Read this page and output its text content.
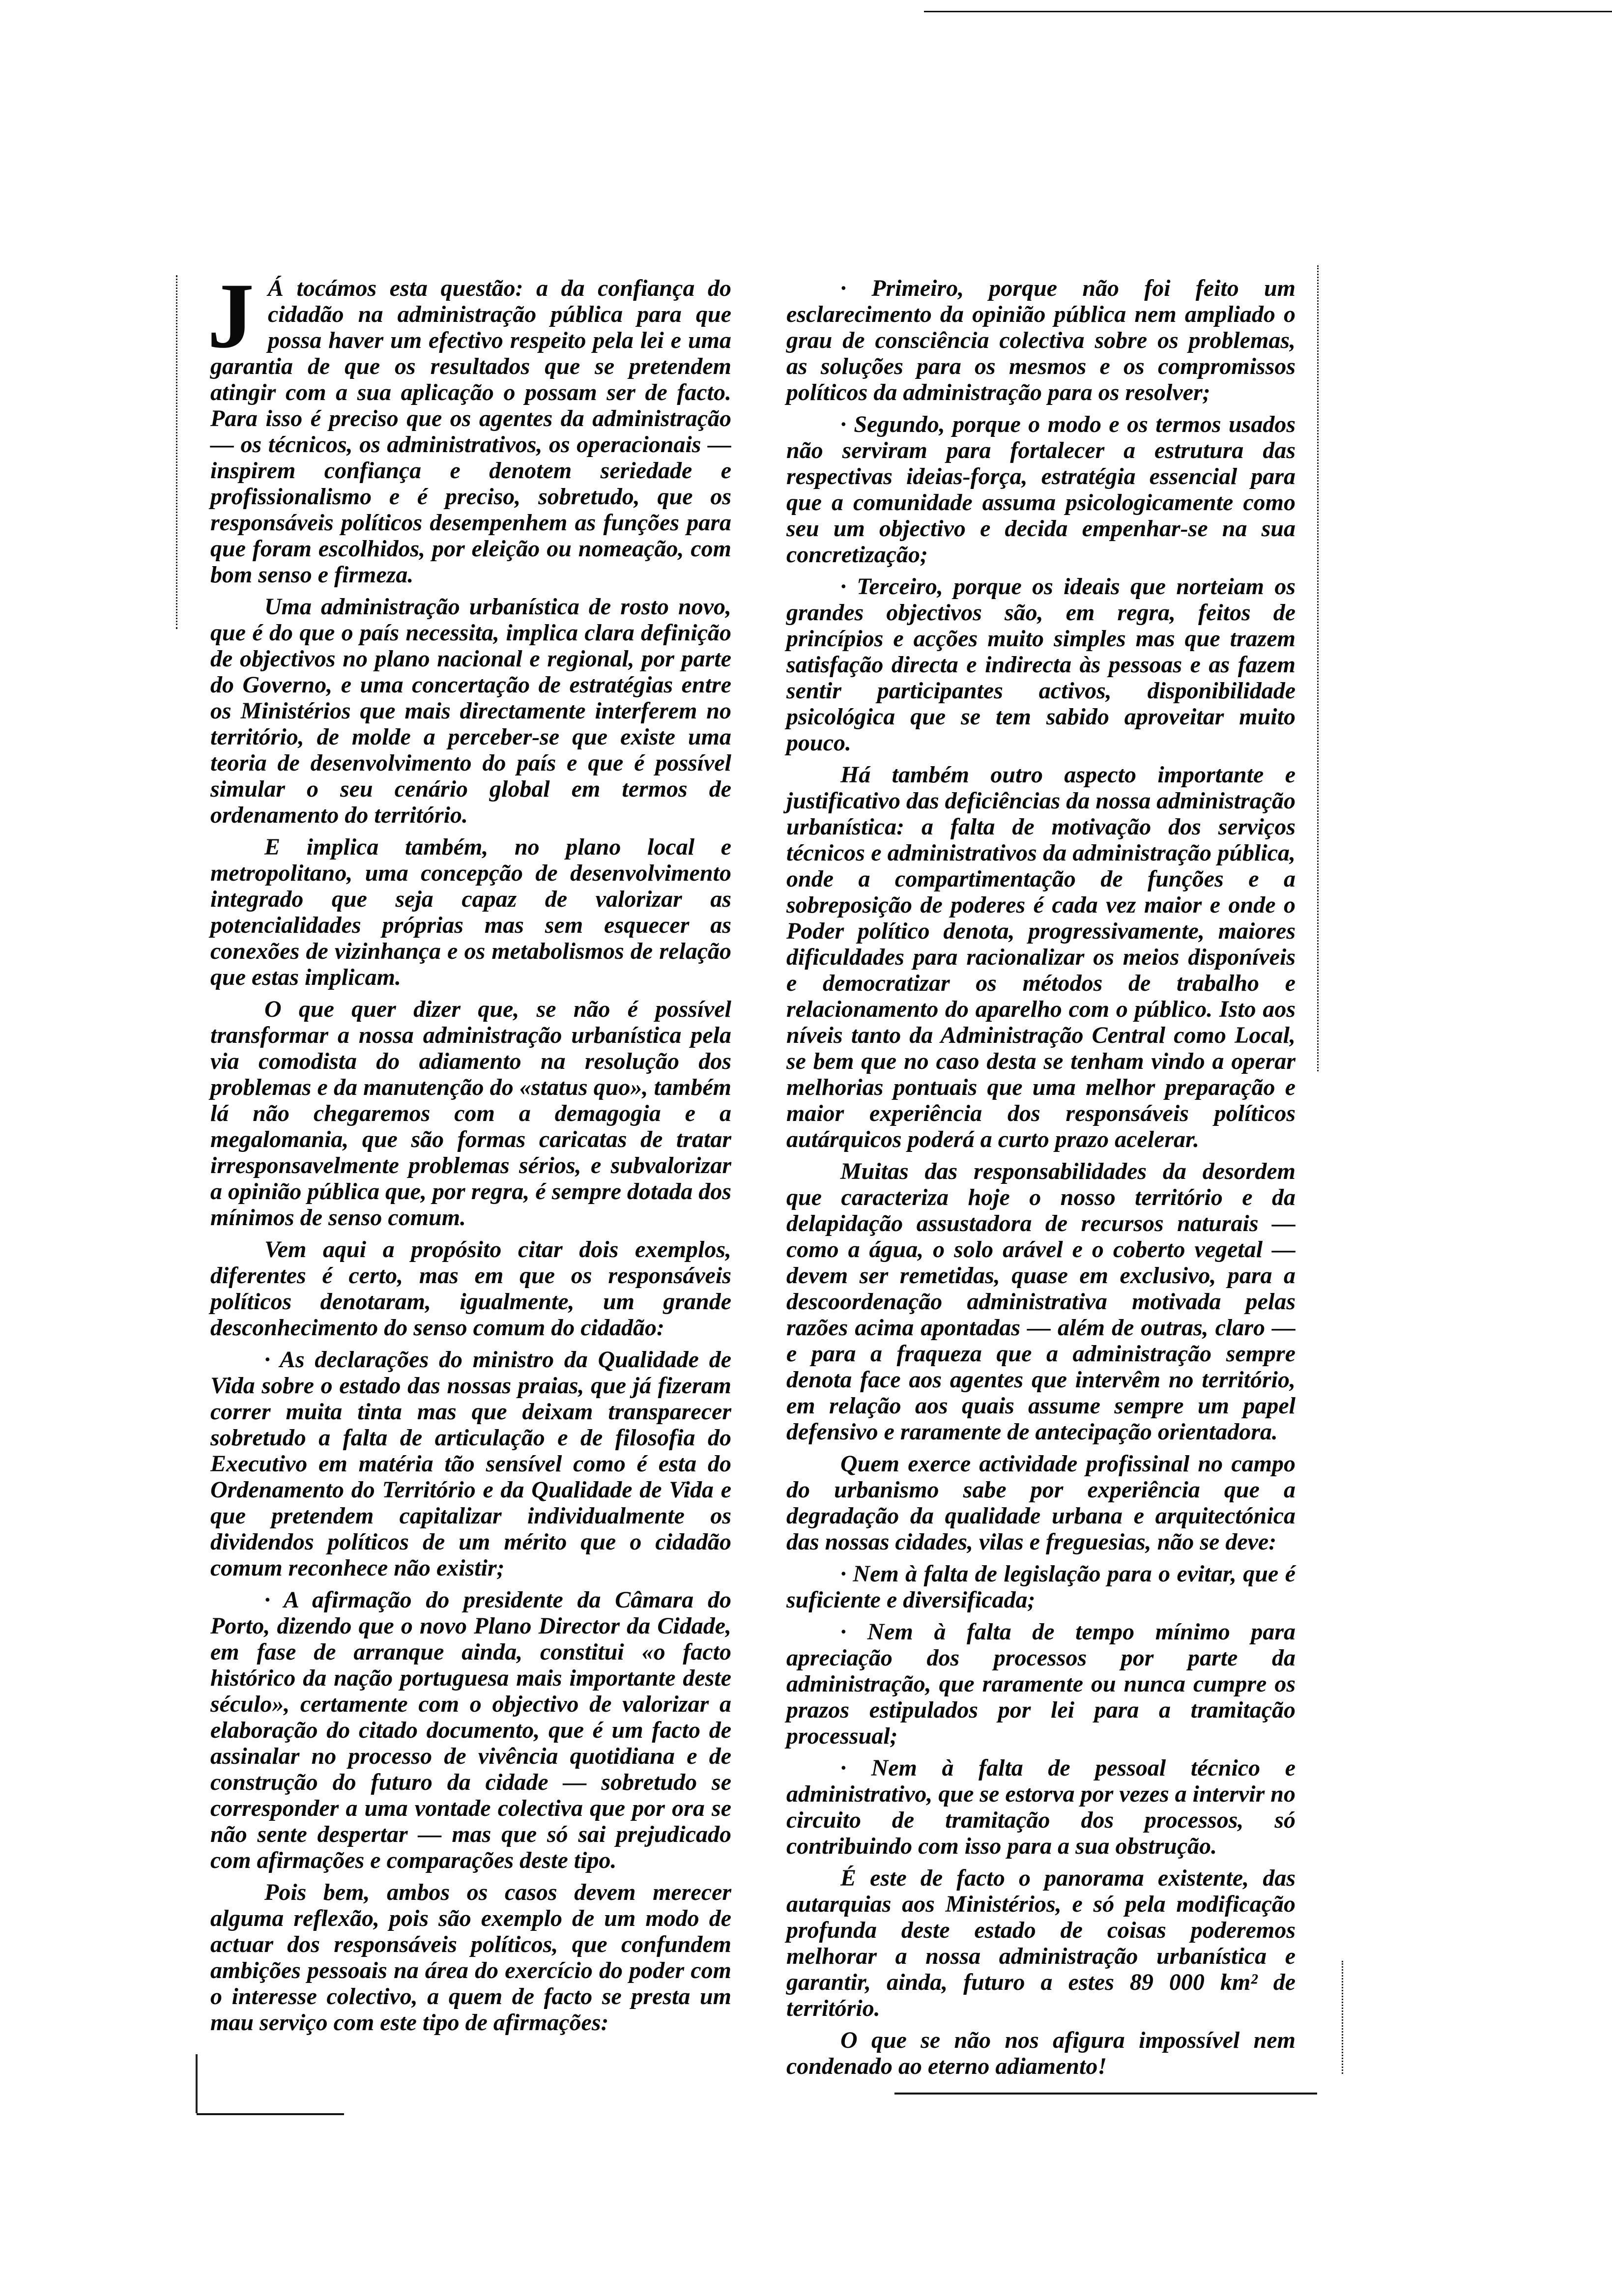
J Á tocámos esta questão: a da confiança do cidadão na administração pública para que possa haver um efectivo respeito pela lei e uma garantia de que os resultados que se pretendem atingir com a sua aplicação o possam ser de facto. Para isso é preciso que os agentes da administração — os técnicos, os administrativos, os operacionais — inspirem confiança e denotem seriedade e profissionalismo e é preciso, sobretudo, que os responsáveis políticos desempenhem as funções para que foram escolhidos, por eleição ou nomeação, com bom senso e firmeza.

Uma administração urbanística de rosto novo, que é do que o país necessita, implica clara definição de objectivos no plano nacional e regional, por parte do Governo, e uma concertação de estratégias entre os Ministérios que mais directamente interferem no território, de molde a perceber-se que existe uma teoria de desenvolvimento do país e que é possível simular o seu cenário global em termos de ordenamento do território.

E implica também, no plano local e metropolitano, uma concepção de desenvolvimento integrado que seja capaz de valorizar as potencialidades próprias mas sem esquecer as conexões de vizinhança e os metabolismos de relação que estas implicam.

O que quer dizer que, se não é possível transformar a nossa administração urbanística pela via comodista do adiamento na resolução dos problemas e da manutenção do «status quo», também lá não chegaremos com a demagogia e a megalomania, que são formas caricatas de tratar irresponsavelmente problemas sérios, e subvalorizar a opinião pública que, por regra, é sempre dotada dos mínimos de senso comum.

Vem aqui a propósito citar dois exemplos, diferentes é certo, mas em que os responsáveis políticos denotaram, igualmente, um grande desconhecimento do senso comum do cidadão:

· As declarações do ministro da Qualidade de Vida sobre o estado das nossas praias, que já fizeram correr muita tinta mas que deixam transparecer sobretudo a falta de articulação e de filosofia do Executivo em matéria tão sensível como é esta do Ordenamento do Território e da Qualidade de Vida e que pretendem capitalizar individualmente os dividendos políticos de um mérito que o cidadão comum reconhece não existir;

· A afirmação do presidente da Câmara do Porto, dizendo que o novo Plano Director da Cidade, em fase de arranque ainda, constitui «o facto histórico da nação portuguesa mais importante deste século», certamente com o objectivo de valorizar a elaboração do citado documento, que é um facto de assinalar no processo de vivência quotidiana e de construção do futuro da cidade — sobretudo se corresponder a uma vontade colectiva que por ora se não sente despertar — mas que só sai prejudicado com afirmações e comparações deste tipo.

Pois bem, ambos os casos devem merecer alguma reflexão, pois são exemplo de um modo de actuar dos responsáveis políticos, que confundem ambições pessoais na área do exercício do poder com o interesse colectivo, a quem de facto se presta um mau serviço com este tipo de afirmações:

· Primeiro, porque não foi feito um esclarecimento da opinião pública nem ampliado o grau de consciência colectiva sobre os problemas, as soluções para os mesmos e os compromissos políticos da administração para os resolver;

· Segundo, porque o modo e os termos usados não serviram para fortalecer a estrutura das respectivas ideias-força, estratégia essencial para que a comunidade assuma psicologicamente como seu um objectivo e decida empenhar-se na sua concretização;

· Terceiro, porque os ideais que norteiam os grandes objectivos são, em regra, feitos de princípios e acções muito simples mas que trazem satisfação directa e indirecta às pessoas e as fazem sentir participantes activos, disponibilidade psicológica que se tem sabido aproveitar muito pouco.

Há também outro aspecto importante e justificativo das deficiências da nossa administração urbanística: a falta de motivação dos serviços técnicos e administrativos da administração pública, onde a compartimentação de funções e a sobreposição de poderes é cada vez maior e onde o Poder político denota, progressivamente, maiores dificuldades para racionalizar os meios disponíveis e democratizar os métodos de trabalho e relacionamento do aparelho com o público. Isto aos níveis tanto da Administração Central como Local, se bem que no caso desta se tenham vindo a operar melhorias pontuais que uma melhor preparação e maior experiência dos responsáveis políticos autárquicos poderá a curto prazo acelerar.

Muitas das responsabilidades da desordem que caracteriza hoje o nosso território e da delapidação assustadora de recursos naturais — como a água, o solo arável e o coberto vegetal — devem ser remetidas, quase em exclusivo, para a descoordenação administrativa motivada pelas razões acima apontadas — além de outras, claro — e para a fraqueza que a administração sempre denota face aos agentes que intervêm no território, em relação aos quais assume sempre um papel defensivo e raramente de antecipação orientadora.

Quem exerce actividade profissinal no campo do urbanismo sabe por experiência que a degradação da qualidade urbana e arquitectónica das nossas cidades, vilas e freguesias, não se deve:

· Nem à falta de legislação para o evitar, que é suficiente e diversificada;

· Nem à falta de tempo mínimo para apreciação dos processos por parte da administração, que raramente ou nunca cumpre os prazos estipulados por lei para a tramitação processual;

· Nem à falta de pessoal técnico e administrativo, que se estorva por vezes a intervir no circuito de tramitação dos processos, só contribuindo com isso para a sua obstrução.

É este de facto o panorama existente, das autarquias aos Ministérios, e só pela modificação profunda deste estado de coisas poderemos melhorar a nossa administração urbanística e garantir, ainda, futuro a estes 89 000 km² de território.

O que se não nos afigura impossível nem condenado ao eterno adiamento!
